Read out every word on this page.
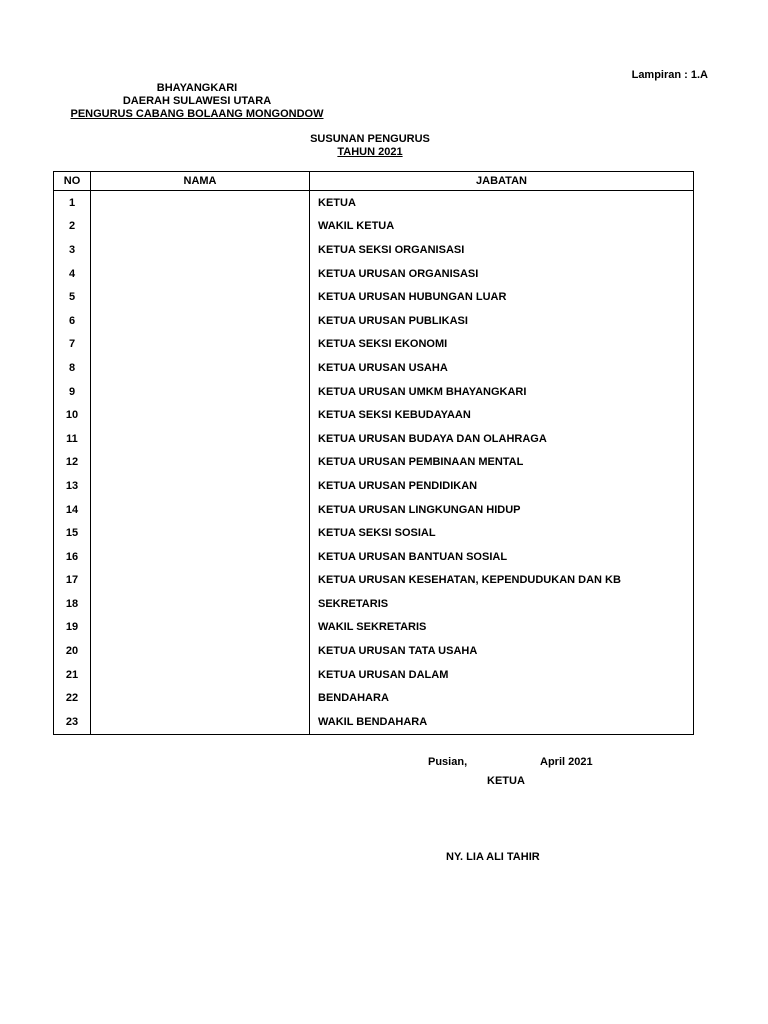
Lampiran : 1.A
BHAYANGKARI
DAERAH SULAWESI UTARA
PENGURUS CABANG BOLAANG MONGONDOW
SUSUNAN PENGURUS
TAHUN 2021
NO	NAMA	JABATAN
1		KETUA
2		WAKIL KETUA
3		KETUA SEKSI ORGANISASI
4		KETUA URUSAN ORGANISASI
5		KETUA URUSAN HUBUNGAN LUAR
6		KETUA URUSAN PUBLIKASI
7		KETUA SEKSI EKONOMI
8		KETUA URUSAN USAHA
9		KETUA URUSAN UMKM BHAYANGKARI
10		KETUA SEKSI KEBUDAYAAN
11		KETUA URUSAN BUDAYA DAN OLAHRAGA
12		KETUA URUSAN PEMBINAAN MENTAL
13		KETUA URUSAN PENDIDIKAN
14		KETUA URUSAN LINGKUNGAN HIDUP
15		KETUA SEKSI SOSIAL
16		KETUA URUSAN BANTUAN SOSIAL
17		KETUA URUSAN KESEHATAN, KEPENDUDUKAN DAN KB
18		SEKRETARIS
19		WAKIL SEKRETARIS
20		KETUA URUSAN TATA USAHA
21		KETUA URUSAN DALAM
22		BENDAHARA
23		WAKIL BENDAHARA
Pusian,	April 2021
KETUA
NY. LIA ALI TAHIR
